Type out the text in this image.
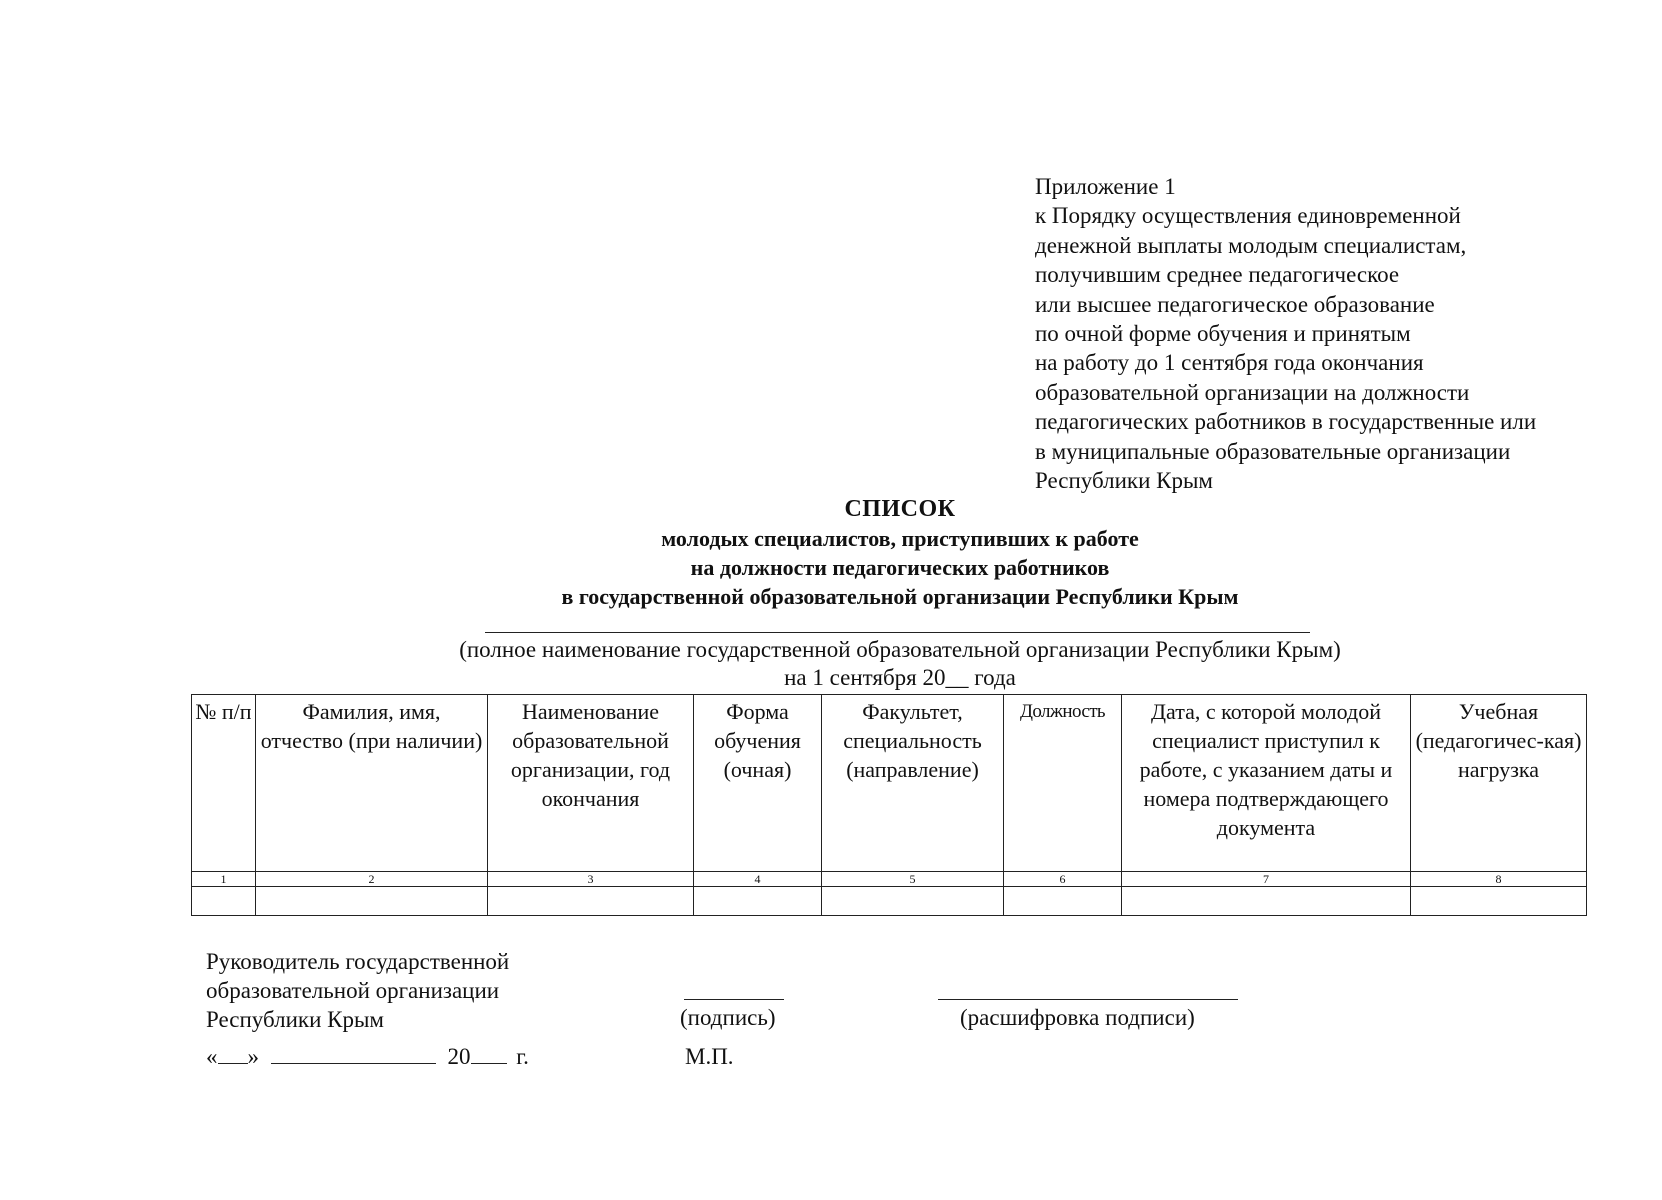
Приложение 1
к Порядку осуществления единовременной
денежной выплаты молодым специалистам,
получившим среднее педагогическое
или высшее педагогическое образование
по очной форме обучения и принятым
на работу до 1 сентября года окончания
образовательной организации на должности
педагогических работников в государственные или
в муниципальные образовательные организации
Республики Крым
СПИСОК
молодых специалистов, приступивших к работе
на должности педагогических работников
в государственной образовательной организации Республики Крым
(полное наименование государственной образовательной организации Республики Крым)
на 1 сентября 20__ года
№ п/п	Фамилия, имя, отчество (при наличии)	Наименование образовательной организации, год окончания	Форма обучения (очная)	Факультет, специальность (направление)	Должность	Дата, с которой молодой специалист приступил к работе, с указанием даты и номера подтверждающего документа	Учебная (педагогичес-кая) нагрузка
1	2	3	4	5	6	7	8

Руководитель государственной
образовательной организации
Республики Крым	(подпись)	(расшифровка подписи)
« »	20 г.	М.П.
